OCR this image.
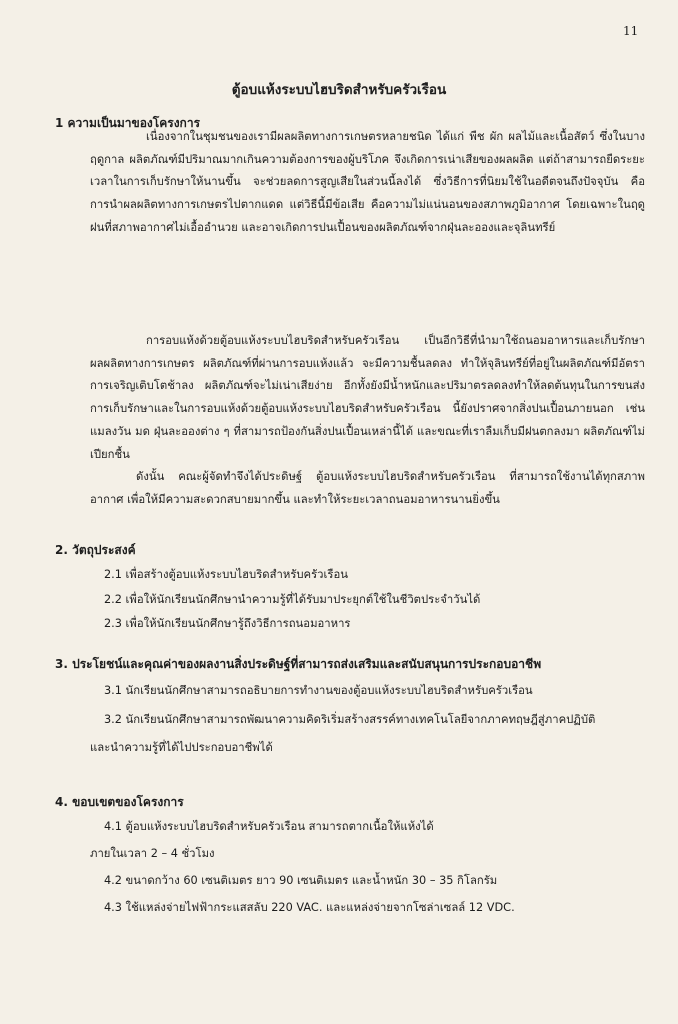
11
ตู้อบแห้งระบบไฮบริดสำหรับครัวเรือน
1 ความเป็นมาของโครงการ

เนื่องจากในชุมชนของเรามีผลผลิตทางการเกษตรหลายชนิด ได้แก่ พืช ผัก ผลไม้และเนื้อสัตว์ ซึ่งในบางฤดูกาล ผลิตภัณฑ์มีปริมาณมากเกินความต้องการของผู้บริโภค จึงเกิดการเน่าเสียของผลผลิต แต่ถ้าสามารถยืดระยะเวลาในการเก็บรักษาให้นานขึ้น จะช่วยลดการสูญเสียในส่วนนี้ลงได้ ซึ่งวิธีการที่นิยมใช้ในอดีตจนถึงปัจจุบัน คือ การนำผลผลิตทางการเกษตรไปตากแดด แต่วิธีนี้มีข้อเสีย คือความไม่แน่นอนของสภาพภูมิอากาศ โดยเฉพาะในฤดูฝนที่สภาพอากาศไม่เอื้ออำนวย และอาจเกิดการปนเปื้อนของผลิตภัณฑ์จากฝุ่นละอองและจุลินทรีย์

การอบแห้งด้วยตู้อบแห้งระบบไฮบริดสำหรับครัวเรือน เป็นอีกวิธีที่นำมาใช้ถนอมอาหารและเก็บรักษาผลผลิตทางการเกษตร ผลิตภัณฑ์ที่ผ่านการอบแห้งแล้ว จะมีความชื้นลดลง ทำให้จุลินทรีย์ที่อยู่ในผลิตภัณฑ์มีอัตราการเจริญเติบโตช้าลง ผลิตภัณฑ์จะไม่เน่าเสียง่าย อีกทั้งยังมีน้ำหนักและปริมาตรลดลงทำให้ลดต้นทุนในการขนส่งการเก็บรักษาและในการอบแห้งด้วยตู้อบแห้งระบบไฮบริดสำหรับครัวเรือน นี้ยังปราศจากสิ่งปนเปื้อนภายนอก เช่น แมลงวัน มด ฝุ่นละอองต่าง ๆ ที่สามารถป้องกันสิ่งปนเปื้อนเหล่านี้ได้ และขณะที่เราลืมเก็บมีฝนตกลงมา ผลิตภัณฑ์ไม่เปียกชื้น

ดังนั้น คณะผู้จัดทำจึงได้ประดิษฐ์ ตู้อบแห้งระบบไฮบริดสำหรับครัวเรือน ที่สามารถใช้งานได้ทุกสภาพอากาศ เพื่อให้มีความสะดวกสบายมากขึ้น และทำให้ระยะเวลาถนอมอาหารนานยิ่งขึ้น

2. วัตถุประสงค์

2.1 เพื่อสร้างตู้อบแห้งระบบไฮบริดสำหรับครัวเรือน

2.2 เพื่อให้นักเรียนนักศึกษานำความรู้ที่ได้รับมาประยุกต์ใช้ในชีวิตประจำวันได้

2.3 เพื่อให้นักเรียนนักศึกษารู้ถึงวิธีการถนอมอาหาร

3. ประโยชน์และคุณค่าของผลงานสิ่งประดิษฐ์ที่สามารถส่งเสริมและสนับสนุนการประกอบอาชีพ

3.1 นักเรียนนักศึกษาสามารถอธิบายการทำงานของตู้อบแห้งระบบไฮบริดสำหรับครัวเรือน

3.2 นักเรียนนักศึกษาสามารถพัฒนาความคิดริเริ่มสร้างสรรค์ทางเทคโนโลยีจากภาคทฤษฎีสู่ภาคปฏิบัติ

และนำความรู้ที่ได้ไปประกอบอาชีพได้

4. ขอบเขตของโครงการ

4.1 ตู้อบแห้งระบบไฮบริดสำหรับครัวเรือน สามารถตากเนื้อให้แห้งได้

ภายในเวลา 2 – 4 ชั่วโมง

4.2 ขนาดกว้าง 60 เซนติเมตร ยาว 90 เซนติเมตร และน้ำหนัก 30 – 35 กิโลกรัม

4.3 ใช้แหล่งจ่ายไฟฟ้ากระแสสลับ 220 VAC. และแหล่งจ่ายจากโซล่าเซลล์ 12 VDC.
